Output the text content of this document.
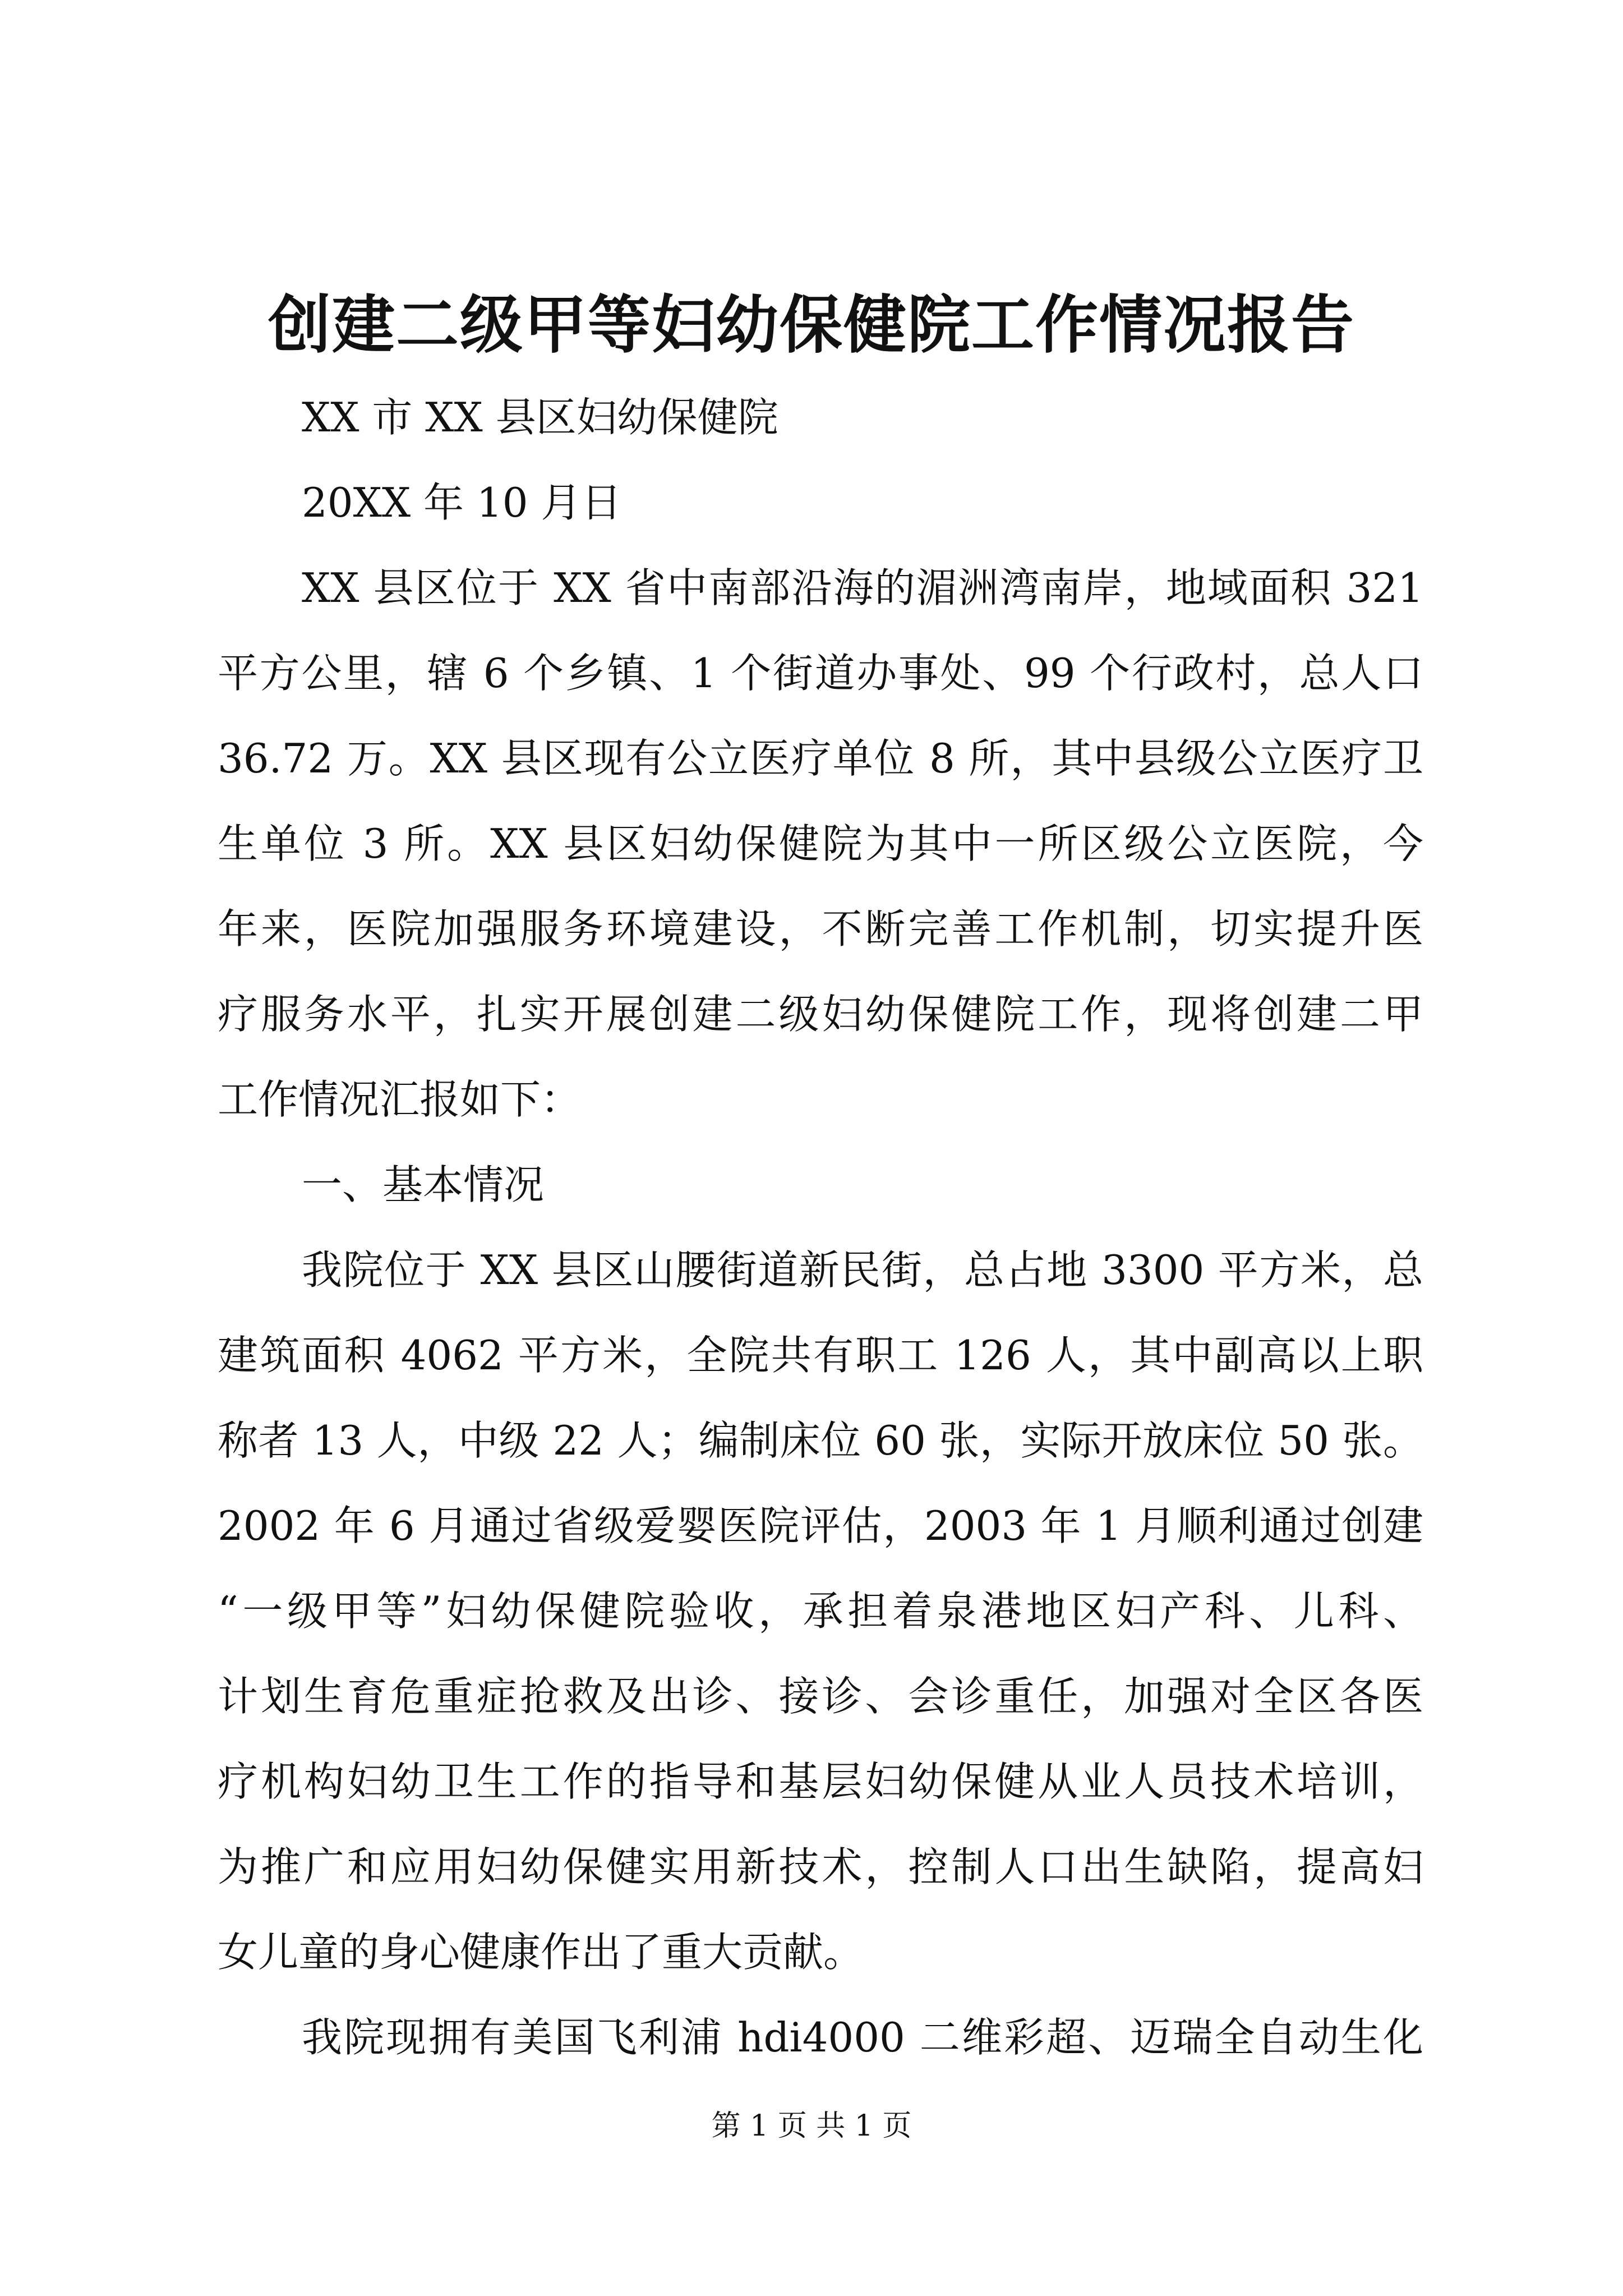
创建二级甲等妇幼保健院工作情况报告
XX 市 XX 县区妇幼保健院
20XX 年 10 月日
XX 县区位于 XX 省中南部沿海的湄洲湾南岸，地域面积 321
平方公里，辖 6 个乡镇、1 个街道办事处、99 个行政村，总人口
36.72 万。XX 县区现有公立医疗单位 8 所，其中县级公立医疗卫
生单位 3 所。XX 县区妇幼保健院为其中一所区级公立医院，今
年来，医院加强服务环境建设，不断完善工作机制，切实提升医
疗服务水平，扎实开展创建二级妇幼保健院工作，现将创建二甲
工作情况汇报如下：
一、基本情况
我院位于 XX 县区山腰街道新民街，总占地 3300 平方米，总
建筑面积 4062 平方米，全院共有职工 126 人，其中副高以上职
称者 13 人，中级 22 人；编制床位 60 张，实际开放床位 50 张。
2002 年 6 月通过省级爱婴医院评估，2003 年 1 月顺利通过创建
“一级甲等”妇幼保健院验收，承担着泉港地区妇产科、儿科、
计划生育危重症抢救及出诊、接诊、会诊重任，加强对全区各医
疗机构妇幼卫生工作的指导和基层妇幼保健从业人员技术培训，
为推广和应用妇幼保健实用新技术，控制人口出生缺陷，提高妇
女儿童的身心健康作出了重大贡献。
我院现拥有美国飞利浦 hdi4000 二维彩超、迈瑞全自动生化
第 1 页 共 1 页
